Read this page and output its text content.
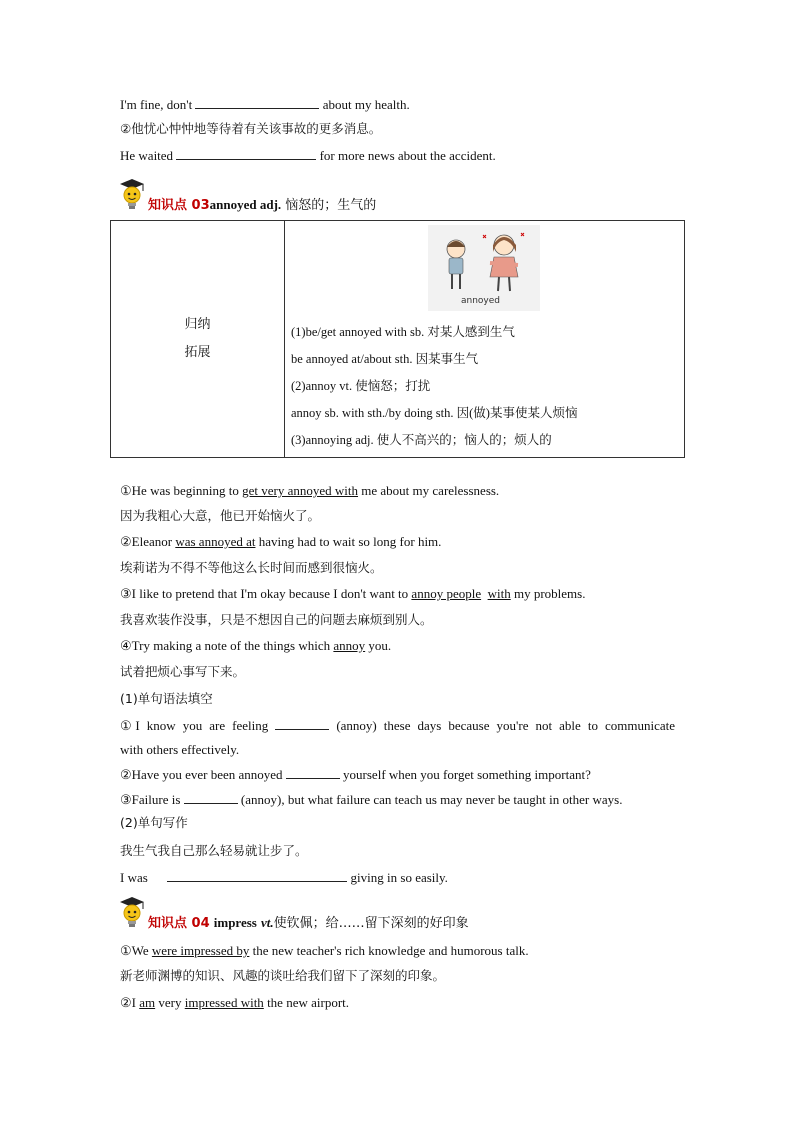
I'm fine, don't	about my health.
②他忧心忡忡地等待着有关该事故的更多消息。
He waited	for more news about the accident.
知识点 03annoyed adj. 恼怒的；生气的
归纳
拓展

annoyed
(1)be/get annoyed with sb. 对某人感到生气
be annoyed at/about sth. 因某事生气
(2)annoy vt. 使恼怒；打扰
annoy sb. with sth./by doing sth. 因(做)某事使某人烦恼
(3)annoying adj. 使人不高兴的；恼人的；烦人的
①He was beginning to get very annoyed with me about my carelessness.
因为我粗心大意，他已开始恼火了。
②Eleanor was annoyed at having had to wait so long for him.
埃莉诺为不得不等他这么长时间而感到很恼火。
③I like to pretend that I'm okay because I don't want to annoy people with my problems.
我喜欢装作没事，只是不想因自己的问题去麻烦到别人。
④Try making a note of the things which annoy you.
试着把烦心事写下来。
(1)单句语法填空
①I know you are feeling	(annoy) these days because you're not able to communicate
with others effectively.
②Have you ever been annoyed	yourself when you forget something important?
③Failure is	(annoy), but what failure can teach us may never be taught in other ways.
(2)单句写作
我生气我自己那么轻易就让步了。
I was	giving in so easily.
知识点 04 impress vt.使钦佩；给……留下深刻的好印象
①We were impressed by the new teacher's rich knowledge and humorous talk.
新老师渊博的知识、风趣的谈吐给我们留下了深刻的印象。
②I am very impressed with the new airport.
